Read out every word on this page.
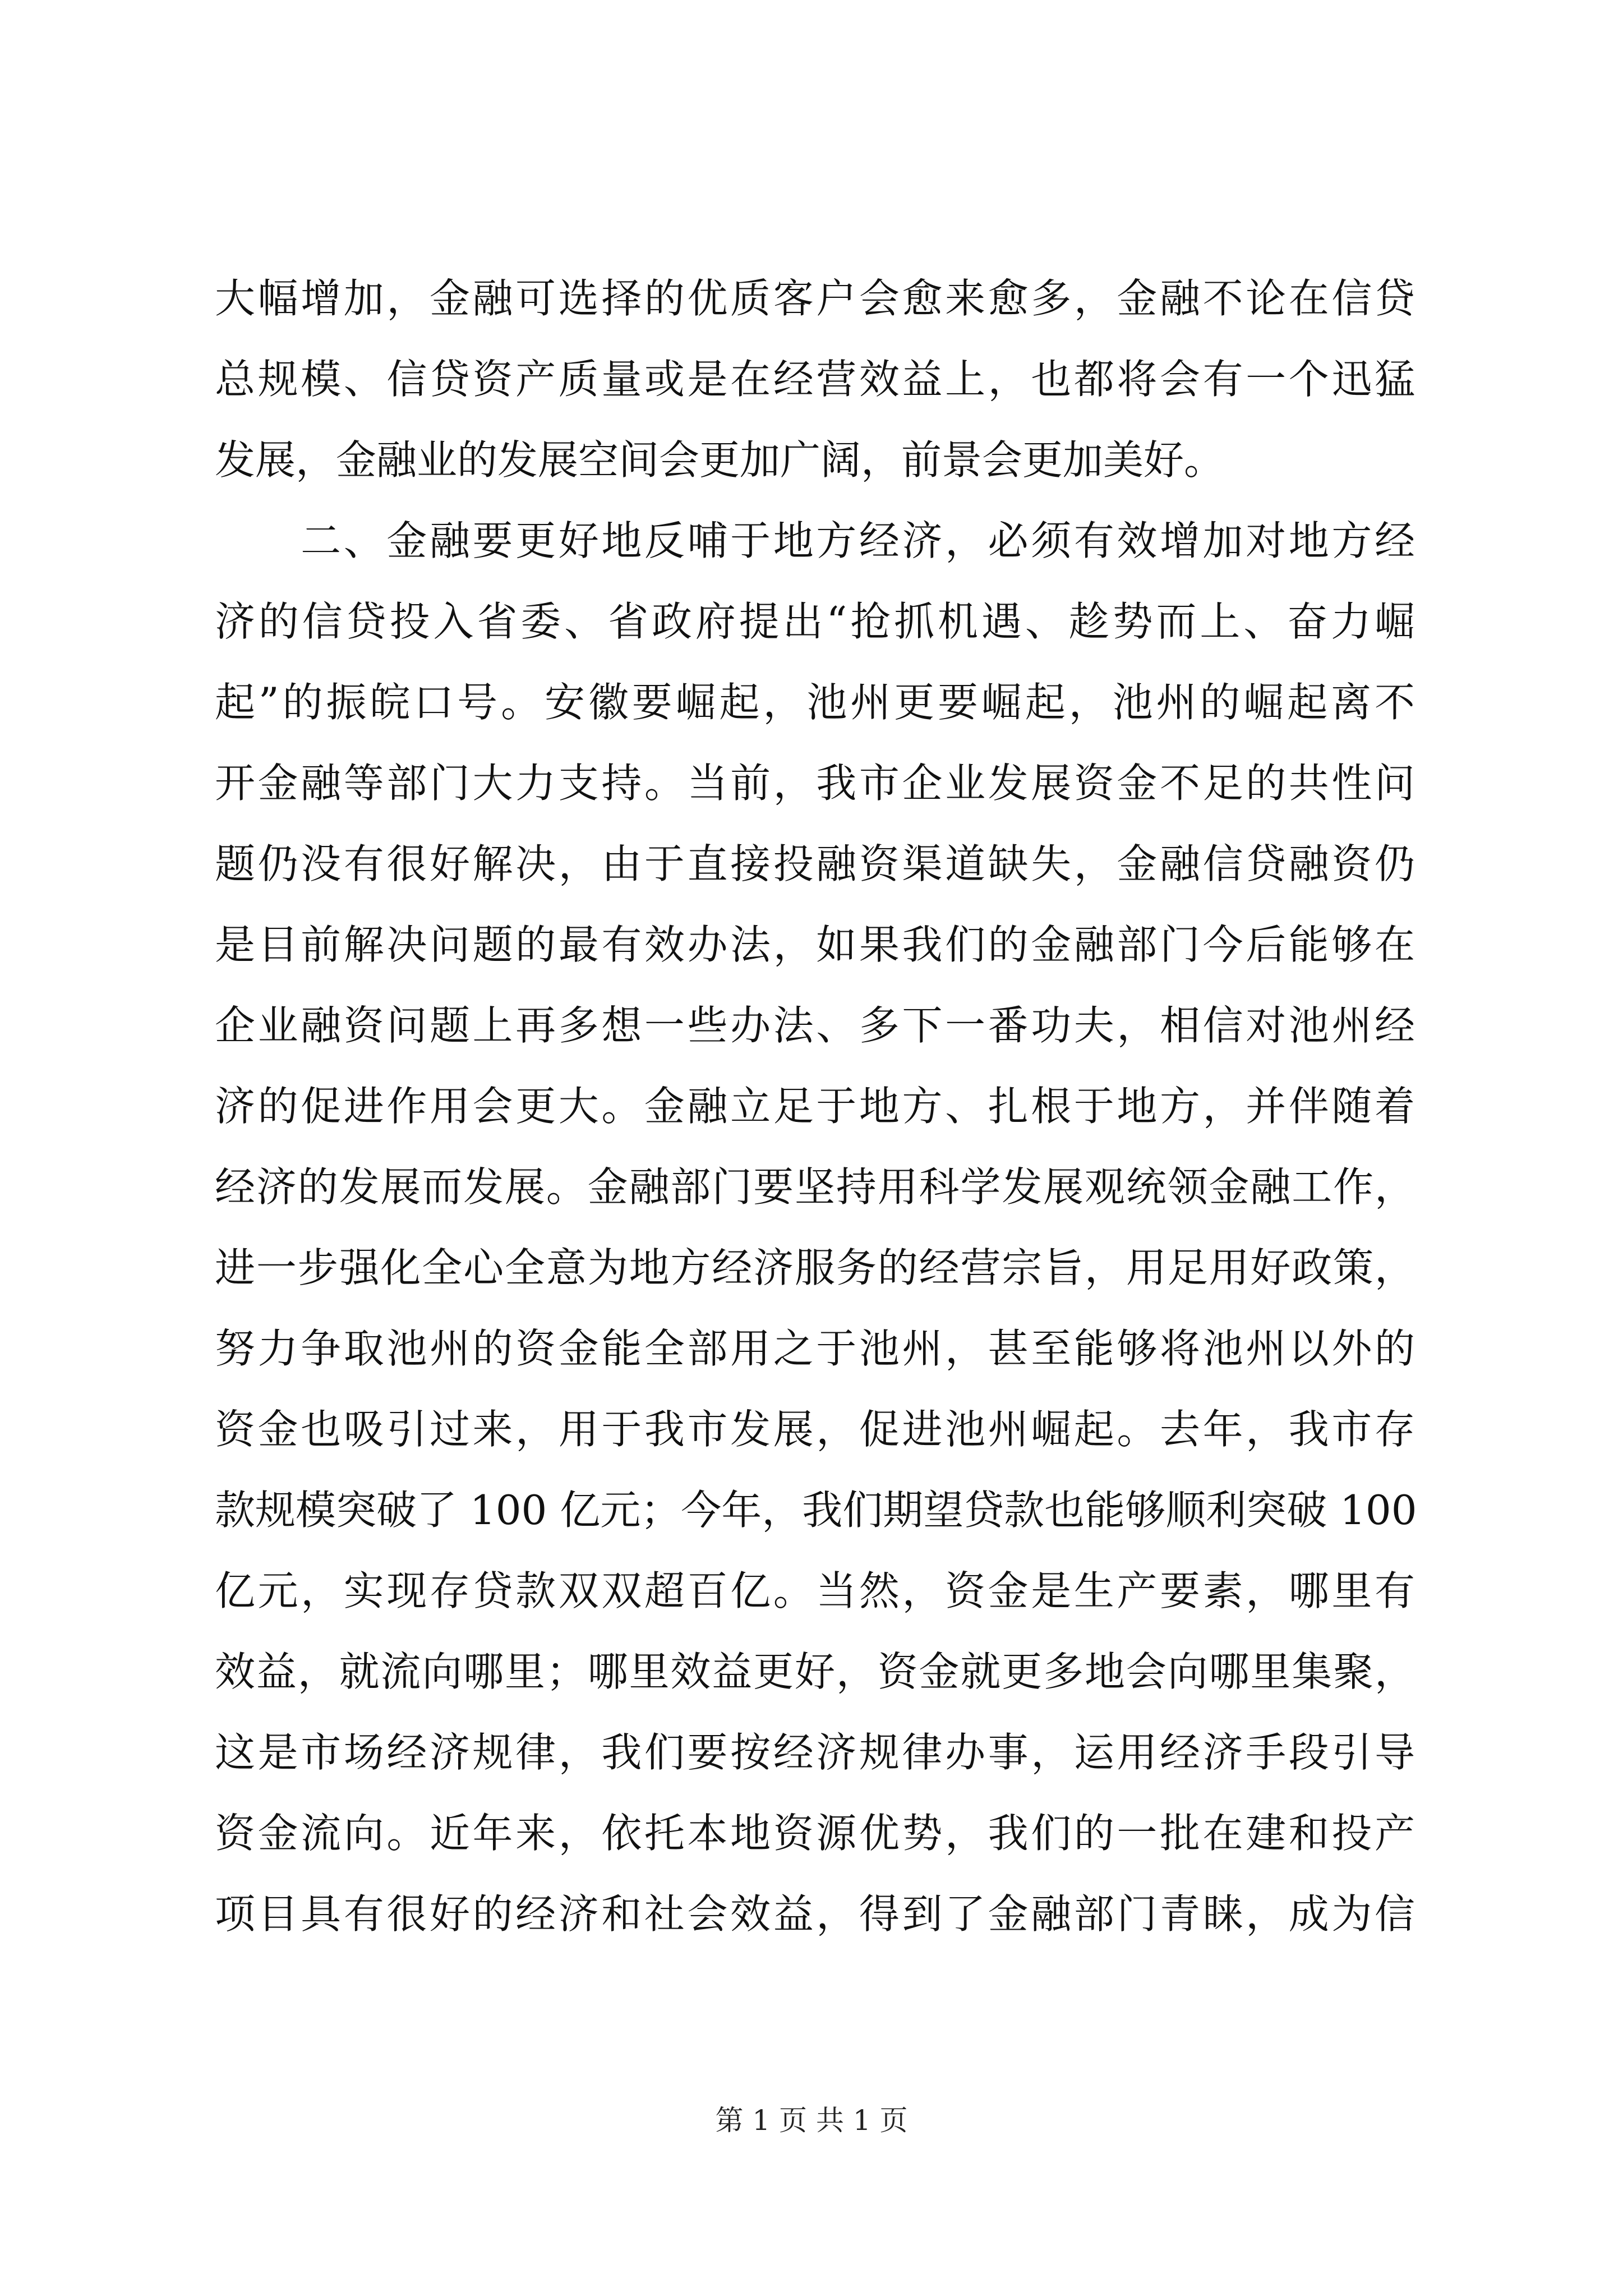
大幅增加，金融可选择的优质客户会愈来愈多，金融不论在信贷
总规模、信贷资产质量或是在经营效益上，也都将会有一个迅猛
发展，金融业的发展空间会更加广阔，前景会更加美好。
　　二、金融要更好地反哺于地方经济，必须有效增加对地方经
济的信贷投入省委、省政府提出“抢抓机遇、趁势而上、奋力崛
起”的振皖口号。安徽要崛起，池州更要崛起，池州的崛起离不
开金融等部门大力支持。当前，我市企业发展资金不足的共性问
题仍没有很好解决，由于直接投融资渠道缺失，金融信贷融资仍
是目前解决问题的最有效办法，如果我们的金融部门今后能够在
企业融资问题上再多想一些办法、多下一番功夫，相信对池州经
济的促进作用会更大。金融立足于地方、扎根于地方，并伴随着
经济的发展而发展。金融部门要坚持用科学发展观统领金融工作，
进一步强化全心全意为地方经济服务的经营宗旨，用足用好政策，
努力争取池州的资金能全部用之于池州，甚至能够将池州以外的
资金也吸引过来，用于我市发展，促进池州崛起。去年，我市存
款规模突破了 100 亿元；今年，我们期望贷款也能够顺利突破 100
亿元，实现存贷款双双超百亿。当然，资金是生产要素，哪里有
效益，就流向哪里；哪里效益更好，资金就更多地会向哪里集聚，
这是市场经济规律，我们要按经济规律办事，运用经济手段引导
资金流向。近年来，依托本地资源优势，我们的一批在建和投产
项目具有很好的经济和社会效益，得到了金融部门青睐，成为信
第 1 页 共 1 页
